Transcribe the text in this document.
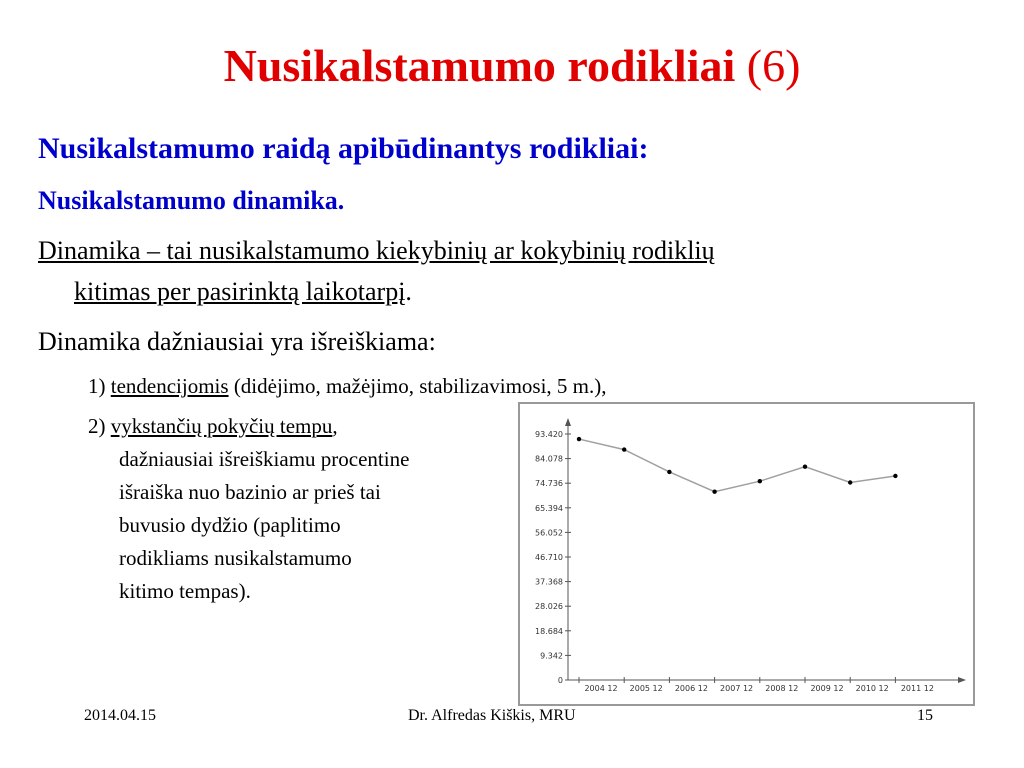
Nusikalstamumo rodikliai (6)
Nusikalstamumo raidą apibūdinantys rodikliai:
Nusikalstamumo dinamika.
Dinamika – tai nusikalstamumo kiekybinių ar kokybinių rodiklių
kitimas per pasirinktą laikotarpį.
Dinamika dažniausiai yra išreiškiama:
1) tendencijomis (didėjimo, mažėjimo, stabilizavimosi, 5 m.),
2) vykstančių pokyčių tempu,
dažniausiai išreiškiamu procentine
išraiška nuo bazinio ar prieš tai
buvusio dydžio (paplitimo
rodikliams nusikalstamumo
kitimo tempas).
0
9.342
18.684
28.026
37.368
46.710
56.052
65.394
74.736
84.078
93.420
2004 12 2005 12 2006 12 2007 12 2008 12 2009 12 2010 12 2011 12
2014.04.15	Dr. Alfredas Kiškis, MRU	15
